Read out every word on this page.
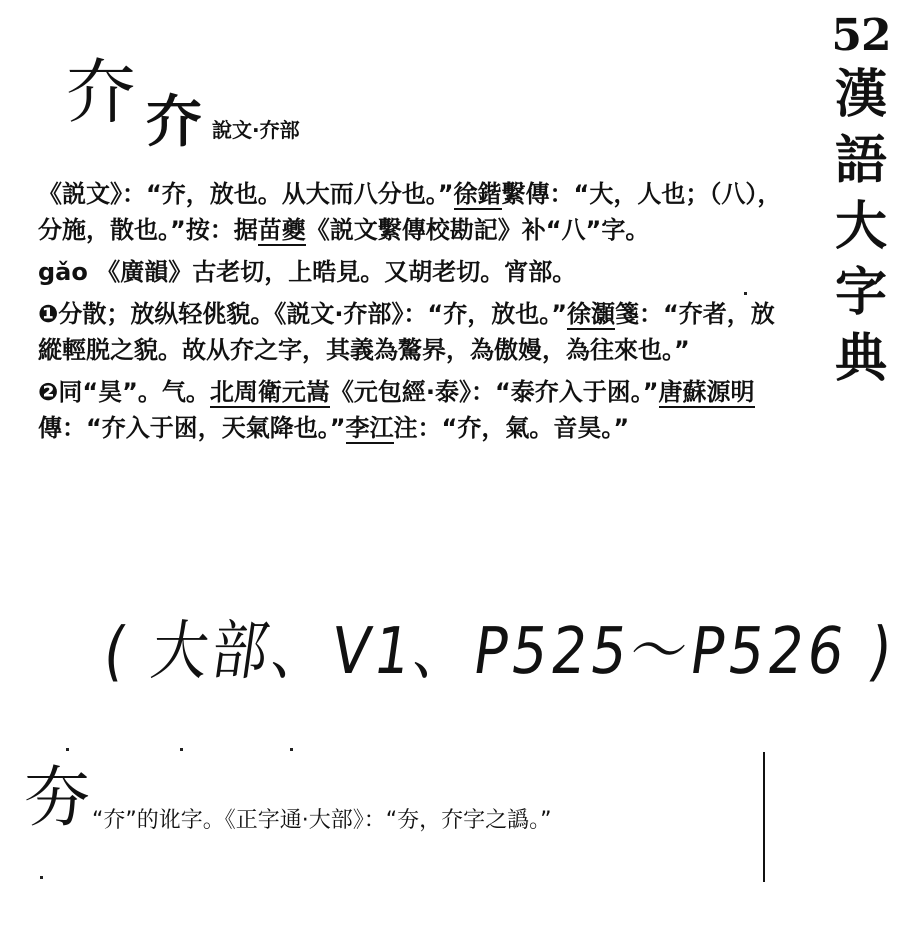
52
漢
語
大
字
典
夰 夰 說文·夰部

《説文》：“夰，放也。从大而八分也。”徐鍇繫傳：“大，人也；（八），分施，散也。”按：据苗夔《説文繫傳校勘記》补“八”字。

gǎo 《廣韻》古老切，上晧見。又胡老切。宵部。

❶分散；放纵轻佻貌。《説文·夰部》：“夰，放也。”徐灝箋：“夰者，放縱輕脱之貌。故从夰之字，其義為驁昦，為傲嫚，為往來也。”

❷同“昊”。气。北周衛元嵩《元包經·泰》：“泰夰入于囦。”唐蘇源明傳：“夰入于囦，天氣降也。”李江注：“夰，氣。音昊。”

( 大部、V1、P525～P526 )
夯 “夰”的讹字。《正字通·大部》：“夯，夰字之譌。”
